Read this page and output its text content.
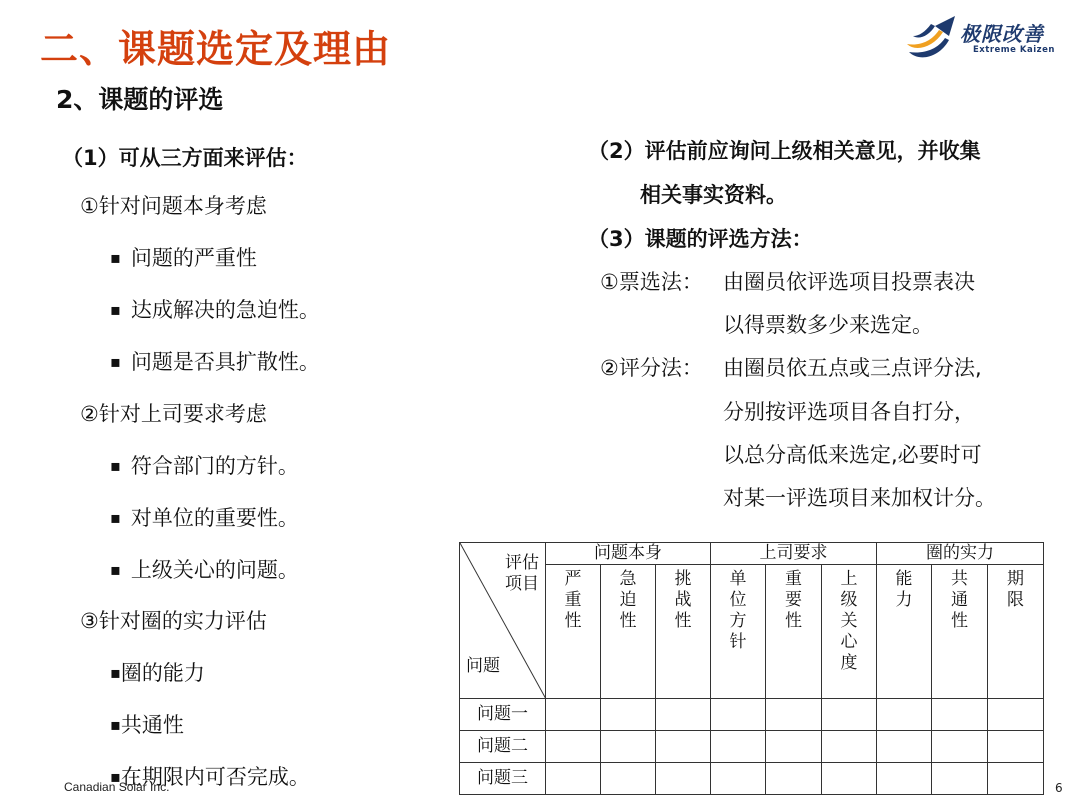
二、课题选定及理由
2、课题的评选
极限改善
Extreme Kaizen
（1）可从三方面来评估：
①针对问题本身考虑
▪ 问题的严重性
▪ 达成解决的急迫性。
▪ 问题是否具扩散性。
②针对上司要求考虑
▪ 符合部门的方针。
▪ 对单位的重要性。
▪ 上级关心的问题。
③针对圈的实力评估
▪ 圈的能力
▪ 共通性
▪ 在期限内可否完成。
（2）评估前应询问上级相关意见，并收集
相关事实资料。
（3）课题的评选方法：
①票选法： 由圈员依评选项目投票表决
以得票数多少来选定。
②评分法： 由圈员依五点或三点评分法,
分别按评选项目各自打分，
以总分高低来选定,必要时可
对某一评选项目来加权计分。
评估
项目
问题	问题本身			上司要求			圈的实力		
	严重性	急迫性	挑战性	单位方针	重要性	上级关心度	能力	共通性	期限
问题一									
问题二									
问题三									
Canadian Solar Inc.	6
